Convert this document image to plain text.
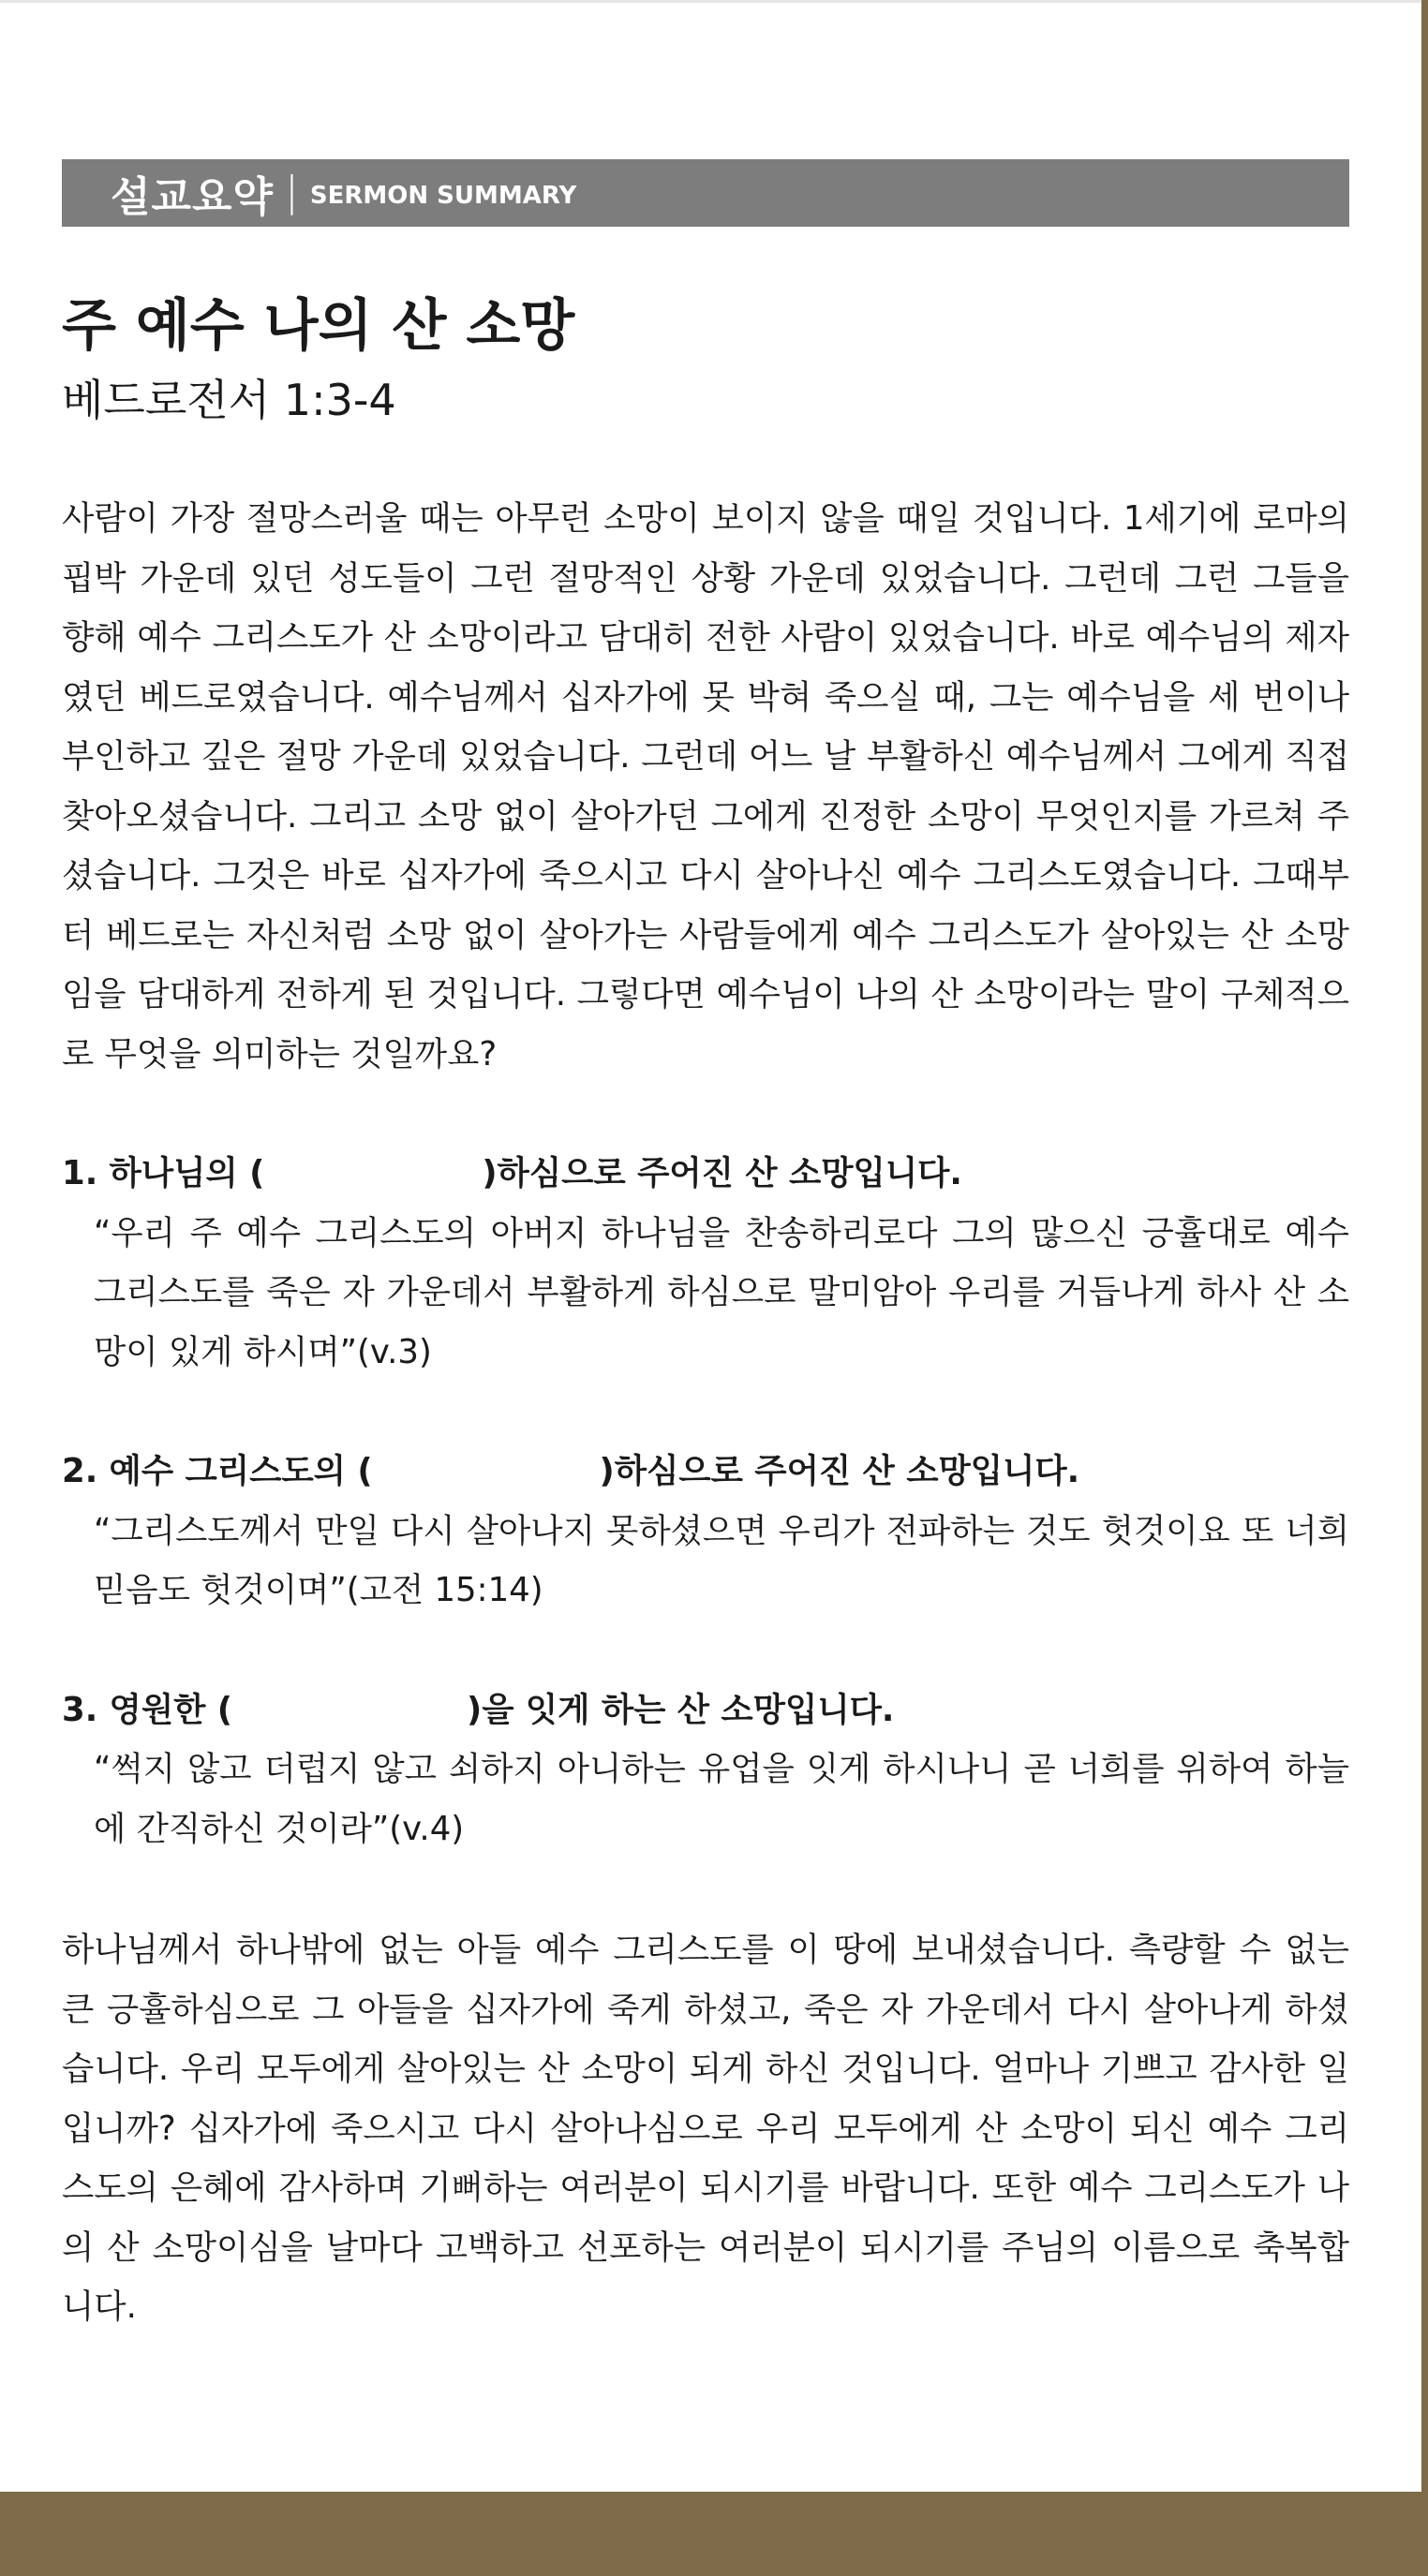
설교요약 | SERMON SUMMARY
주 예수 나의 산 소망
베드로전서 1:3-4

사람이 가장 절망스러울 때는 아무런 소망이 보이지 않을 때일 것입니다. 1세기에 로마의 핍박 가운데 있던 성도들이 그런 절망적인 상황 가운데 있었습니다. 그런데 그런 그들을 향해 예수 그리스도가 산 소망이라고 담대히 전한 사람이 있었습니다. 바로 예수님의 제자였던 베드로였습니다. 예수님께서 십자가에 못 박혀 죽으실 때, 그는 예수님을 세 번이나 부인하고 깊은 절망 가운데 있었습니다. 그런데 어느 날 부활하신 예수님께서 그에게 직접 찾아오셨습니다. 그리고 소망 없이 살아가던 그에게 진정한 소망이 무엇인지를 가르쳐 주셨습니다. 그것은 바로 십자가에 죽으시고 다시 살아나신 예수 그리스도였습니다. 그때부터 베드로는 자신처럼 소망 없이 살아가는 사람들에게 예수 그리스도가 살아있는 산 소망임을 담대하게 전하게 된 것입니다. 그렇다면 예수님이 나의 산 소망이라는 말이 구체적으로 무엇을 의미하는 것일까요?

1. 하나님의 (	)하심으로 주어진 산 소망입니다.
“우리 주 예수 그리스도의 아버지 하나님을 찬송하리로다 그의 많으신 긍휼대로 예수 그리스도를 죽은 자 가운데서 부활하게 하심으로 말미암아 우리를 거듭나게 하사 산 소망이 있게 하시며”(v.3)
2. 예수 그리스도의 (	)하심으로 주어진 산 소망입니다.
“그리스도께서 만일 다시 살아나지 못하셨으면 우리가 전파하는 것도 헛것이요 또 너희 믿음도 헛것이며”(고전 15:14)
3. 영원한 (	)을 잇게 하는 산 소망입니다.
“썩지 않고 더럽지 않고 쇠하지 아니하는 유업을 잇게 하시나니 곧 너희를 위하여 하늘에 간직하신 것이라”(v.4)

하나님께서 하나밖에 없는 아들 예수 그리스도를 이 땅에 보내셨습니다. 측량할 수 없는 큰 긍휼하심으로 그 아들을 십자가에 죽게 하셨고, 죽은 자 가운데서 다시 살아나게 하셨습니다. 우리 모두에게 살아있는 산 소망이 되게 하신 것입니다. 얼마나 기쁘고 감사한 일입니까? 십자가에 죽으시고 다시 살아나심으로 우리 모두에게 산 소망이 되신 예수 그리스도의 은혜에 감사하며 기뻐하는 여러분이 되시기를 바랍니다. 또한 예수 그리스도가 나의 산 소망이심을 날마다 고백하고 선포하는 여러분이 되시기를 주님의 이름으로 축복합니다.
